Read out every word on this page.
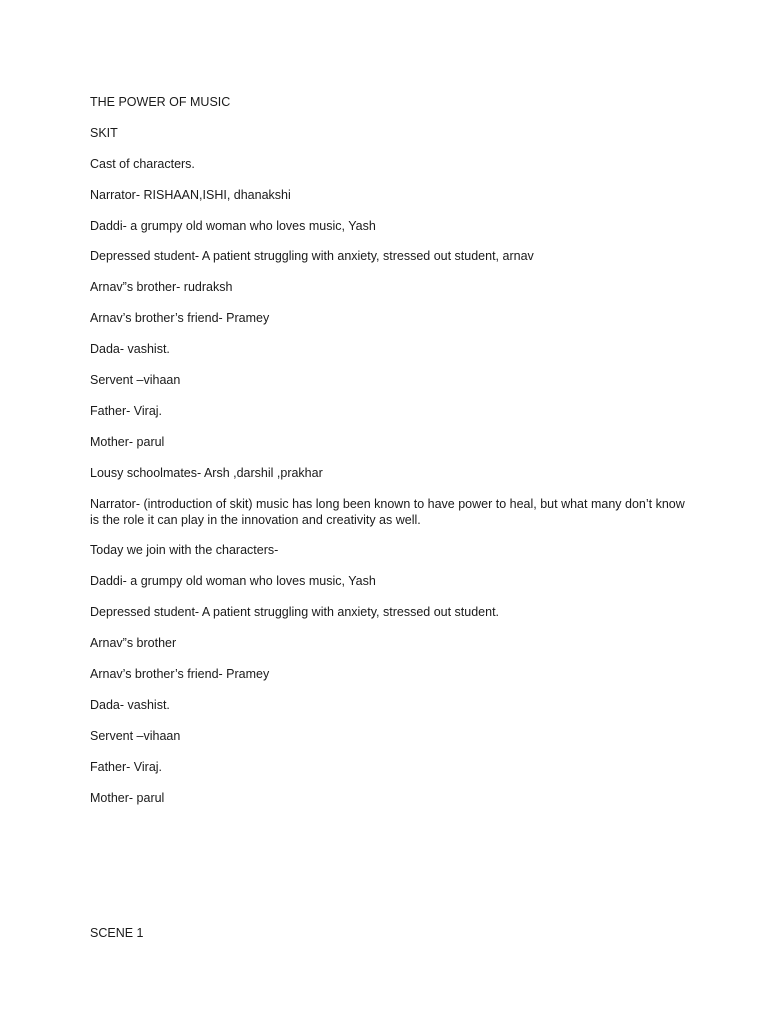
THE POWER OF MUSIC

SKIT

Cast of characters.

Narrator- RISHAAN,ISHI, dhanakshi

Daddi- a grumpy old woman who loves music, Yash

Depressed student- A patient struggling with anxiety, stressed out student, arnav

Arnav”s brother- rudraksh

Arnav’s brother’s friend- Pramey

Dada- vashist.

Servent –vihaan

Father- Viraj.

Mother- parul

Lousy schoolmates- Arsh ,darshil ,prakhar

Narrator- (introduction of skit) music has long been known to have power to heal, but what many don’t know is the role it can play in the innovation and creativity as well.

Today we join with the characters-

Daddi- a grumpy old woman who loves music, Yash

Depressed student- A patient struggling with anxiety, stressed out student.

Arnav”s brother

Arnav’s brother’s friend- Pramey

Dada- vashist.

Servent –vihaan

Father- Viraj.

Mother- parul

SCENE 1
